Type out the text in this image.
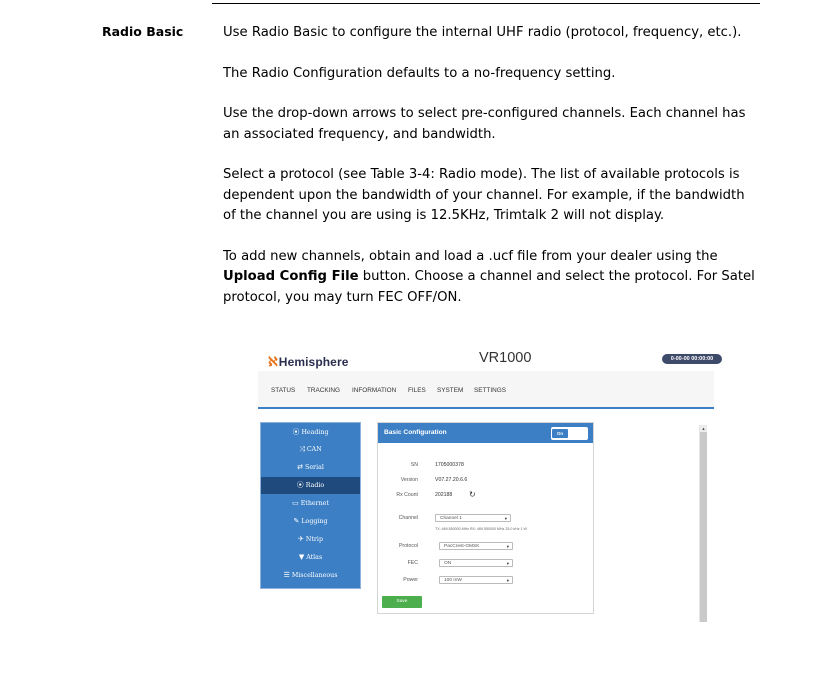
Radio Basic	Use Radio Basic to configure the internal UHF radio (protocol, frequency, etc.).

The Radio Configuration defaults to a no-frequency setting.

Use the drop-down arrows to select pre-configured channels. Each channel has an associated frequency, and bandwidth.

Select a protocol (see Table 3-4: Radio mode). The list of available protocols is dependent upon the bandwidth of your channel. For example, if the bandwidth of the channel you are using is 12.5KHz, Trimtalk 2 will not display.

To add new channels, obtain and load a .ucf file from your dealer using the Upload Config File button. Choose a channel and select the protocol. For Satel protocol, you may turn FEC OFF/ON.

ℵHemisphere	VR1000	0-00-00 00:00:00
STATUS TRACKING INFORMATION FILES SYSTEM SETTINGS
⦿ Heading
⤨ CAN
⇄ Serial
⦿ Radio
▭ Ethernet
✎ Logging
✈ Ntrip
▼ Atlas
☰ Miscellaneous
Basic Configuration	On
SN	1705000378
Version	V07.27.20.6.6
Rx Count	202188 ↻
Channel	Channel 1	▾
TX: 469.550000 MHz RX: 469.550000 MHz 25.0 kHz 1 W
Protocol	PacCrest-GMSK	▾
FEC	ON	▾
Power	100 mW	▾
Save
▲
